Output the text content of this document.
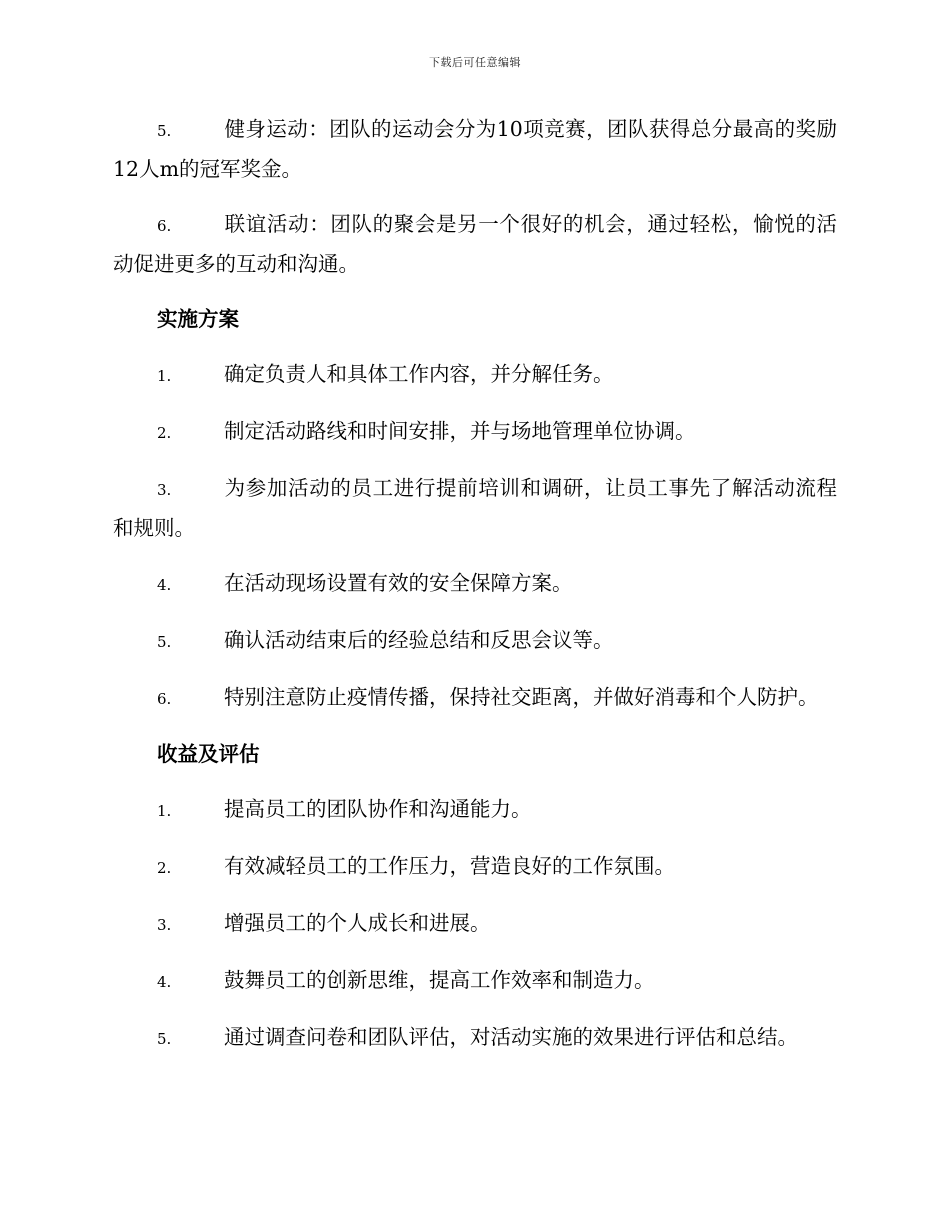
下载后可任意编辑
5.	健身运动：团队的运动会分为10项竞赛，团队获得总分最高的奖励12人m的冠军奖金。
6.	联谊活动：团队的聚会是另一个很好的机会，通过轻松，愉悦的活动促进更多的互动和沟通。
实施方案
1.	确定负责人和具体工作内容，并分解任务。
2.	制定活动路线和时间安排，并与场地管理单位协调。
3.	为参加活动的员工进行提前培训和调研，让员工事先了解活动流程和规则。
4.	在活动现场设置有效的安全保障方案。
5.	确认活动结束后的经验总结和反思会议等。
6.	特别注意防止疫情传播，保持社交距离，并做好消毒和个人防护。
收益及评估
1.	提高员工的团队协作和沟通能力。
2.	有效减轻员工的工作压力，营造良好的工作氛围。
3.	增强员工的个人成长和进展。
4.	鼓舞员工的创新思维，提高工作效率和制造力。
5.	通过调查问卷和团队评估，对活动实施的效果进行评估和总结。
